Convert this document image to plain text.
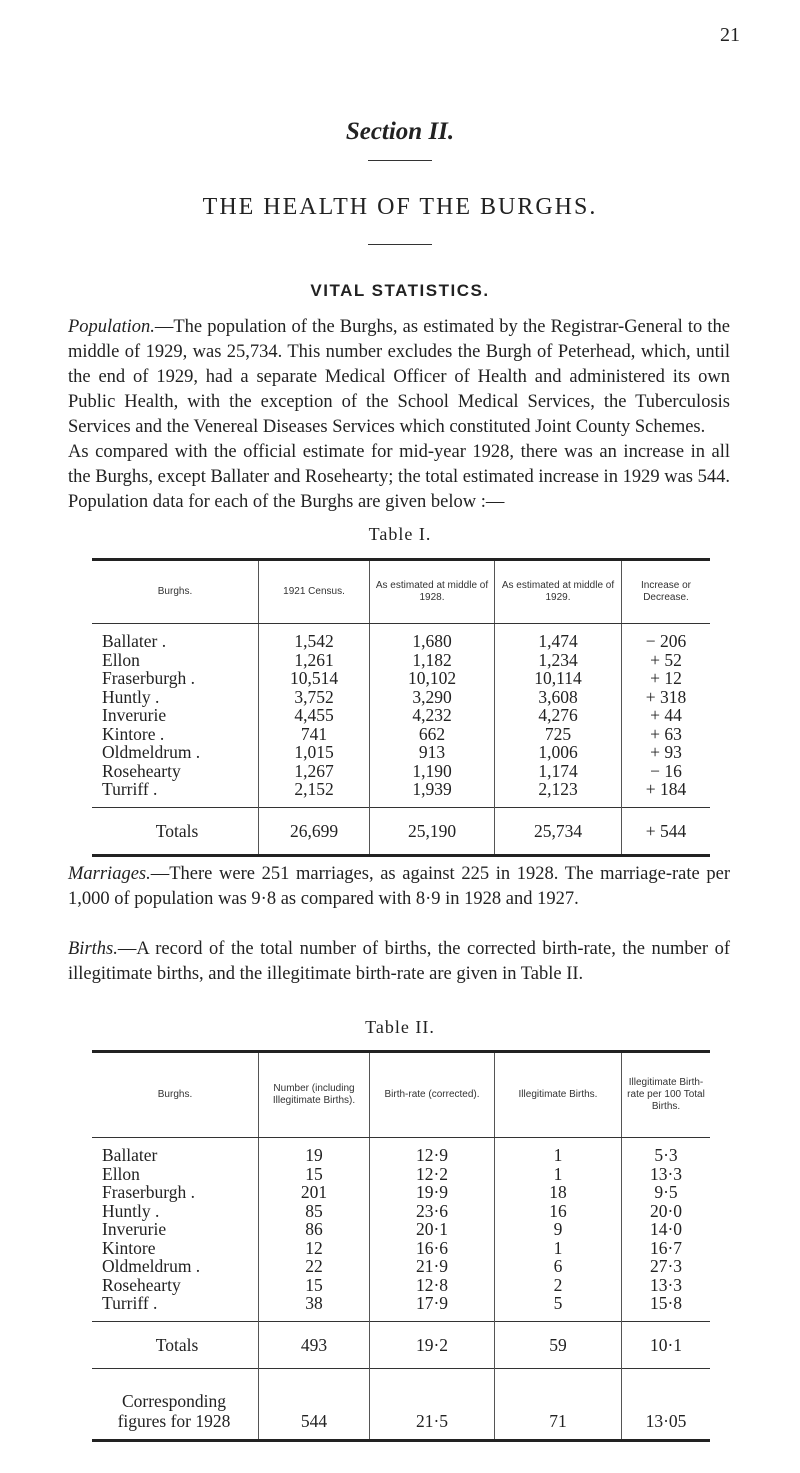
21
Section II.
THE HEALTH OF THE BURGHS.
VITAL STATISTICS.

Population.—The population of the Burghs, as estimated by the Registrar-General to the middle of 1929, was 25,734. This number excludes the Burgh of Peterhead, which, until the end of 1929, had a separate Medical Officer of Health and administered its own Public Health, with the exception of the School Medical Services, the Tuberculosis Services and the Venereal Diseases Services which constituted Joint County Schemes.

As compared with the official estimate for mid-year 1928, there was an increase in all the Burghs, except Ballater and Rosehearty; the total estimated increase in 1929 was 544. Population data for each of the Burghs are given below :—

Table I.
Burghs.	1921 Census.	As estimated at middle of 1928.	As estimated at middle of 1929.	Increase or Decrease.
Ballater .	1,542	1,680	1,474	− 206
Ellon	1,261	1,182	1,234	+ 52
Fraserburgh .	10,514	10,102	10,114	+ 12
Huntly .	3,752	3,290	3,608	+ 318
Inverurie	4,455	4,232	4,276	+ 44
Kintore .	741	662	725	+ 63
Oldmeldrum .	1,015	913	1,006	+ 93
Rosehearty	1,267	1,190	1,174	− 16
Turriff .	2,152	1,939	2,123	+ 184
Totals	26,699	25,190	25,734	+ 544

Marriages.—There were 251 marriages, as against 225 in 1928. The marriage-rate per 1,000 of population was 9·8 as compared with 8·9 in 1928 and 1927.

Births.—A record of the total number of births, the corrected birth-rate, the number of illegitimate births, and the illegitimate birth-rate are given in Table II.

Table II.
Burghs.	Number (including Illegitimate Births).	Birth-rate (corrected).	Illegitimate Births.	Illegitimate Birth-rate per 100 Total Births.
Ballater	19	12·9	1	5·3
Ellon	15	12·2	1	13·3
Fraserburgh .	201	19·9	18	9·5
Huntly .	85	23·6	16	20·0
Inverurie	86	20·1	9	14·0
Kintore	12	16·6	1	16·7
Oldmeldrum .	22	21·9	6	27·3
Rosehearty	15	12·8	2	13·3
Turriff .	38	17·9	5	15·8
Totals	493	19·2	59	10·1
Corresponding figures for 1928	544	21·5	71	13·05
